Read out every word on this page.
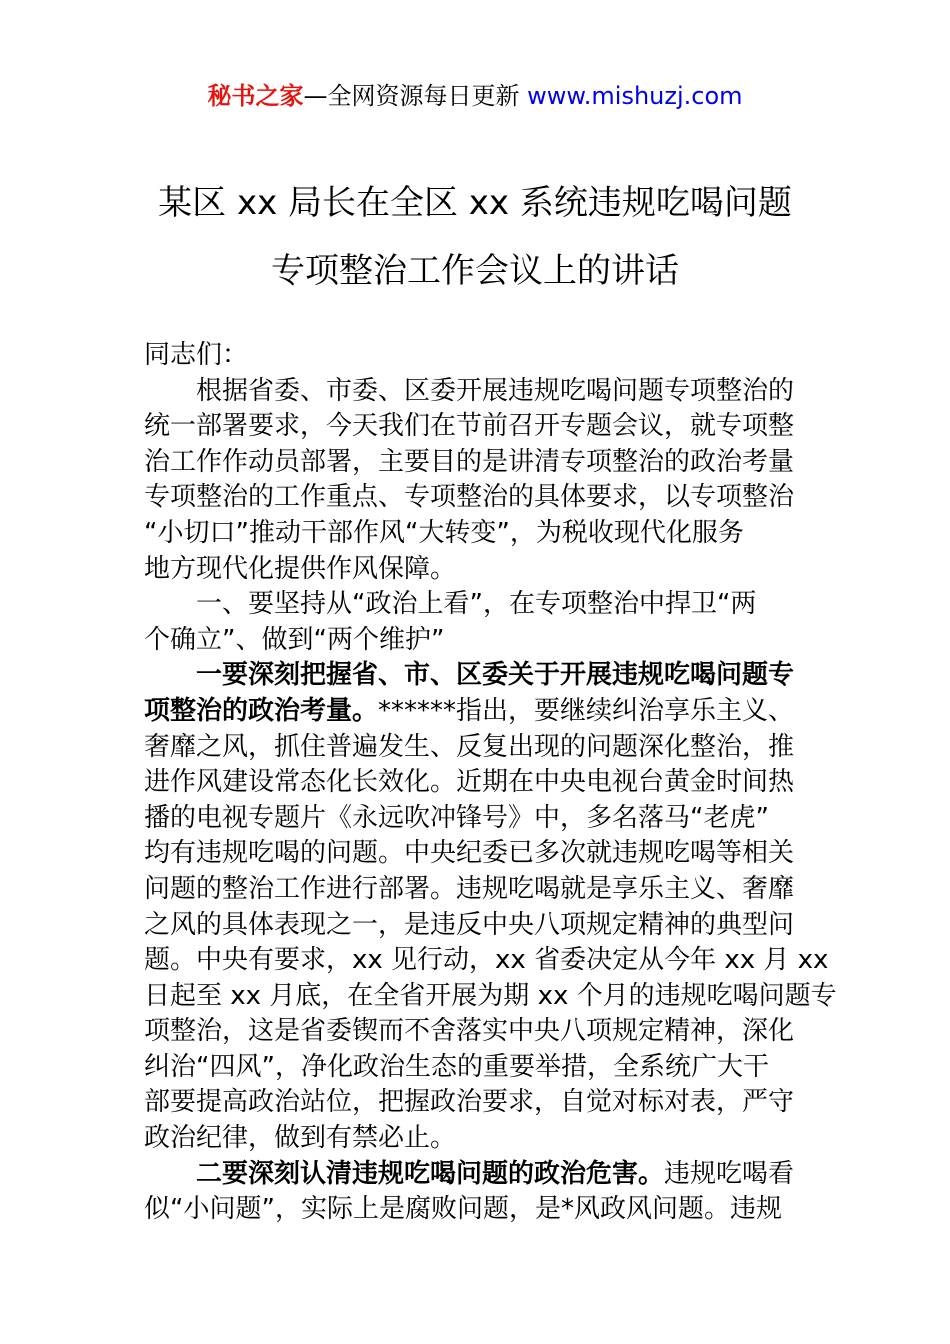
秘书之家—全网资源每日更新 www.mishuzj.com
某区 xx 局长在全区 xx 系统违规吃喝问题
专项整治工作会议上的讲话
同志们：
根据省委、市委、区委开展违规吃喝问题专项整治的
统一部署要求，今天我们在节前召开专题会议，就专项整
治工作作动员部署，主要目的是讲清专项整治的政治考量
专项整治的工作重点、专项整治的具体要求，以专项整治
“小切口”推动干部作风“大转变”，为税收现代化服务
地方现代化提供作风保障。
一、要坚持从“政治上看”，在专项整治中捍卫“两
个确立”、做到“两个维护”
一要深刻把握省、市、区委关于开展违规吃喝问题专
项整治的政治考量。******指出，要继续纠治享乐主义、
奢靡之风，抓住普遍发生、反复出现的问题深化整治，推
进作风建设常态化长效化。近期在中央电视台黄金时间热
播的电视专题片《永远吹冲锋号》中，多名落马“老虎”
均有违规吃喝的问题。中央纪委已多次就违规吃喝等相关
问题的整治工作进行部署。违规吃喝就是享乐主义、奢靡
之风的具体表现之一，是违反中央八项规定精神的典型问
题。中央有要求，xx 见行动，xx 省委决定从今年 xx 月 xx
日起至 xx 月底，在全省开展为期 xx 个月的违规吃喝问题专
项整治，这是省委锲而不舍落实中央八项规定精神，深化
纠治“四风”，净化政治生态的重要举措，全系统广大干
部要提高政治站位，把握政治要求，自觉对标对表，严守
政治纪律，做到有禁必止。
二要深刻认清违规吃喝问题的政治危害。违规吃喝看
似“小问题”，实际上是腐败问题，是*风政风问题。违规
